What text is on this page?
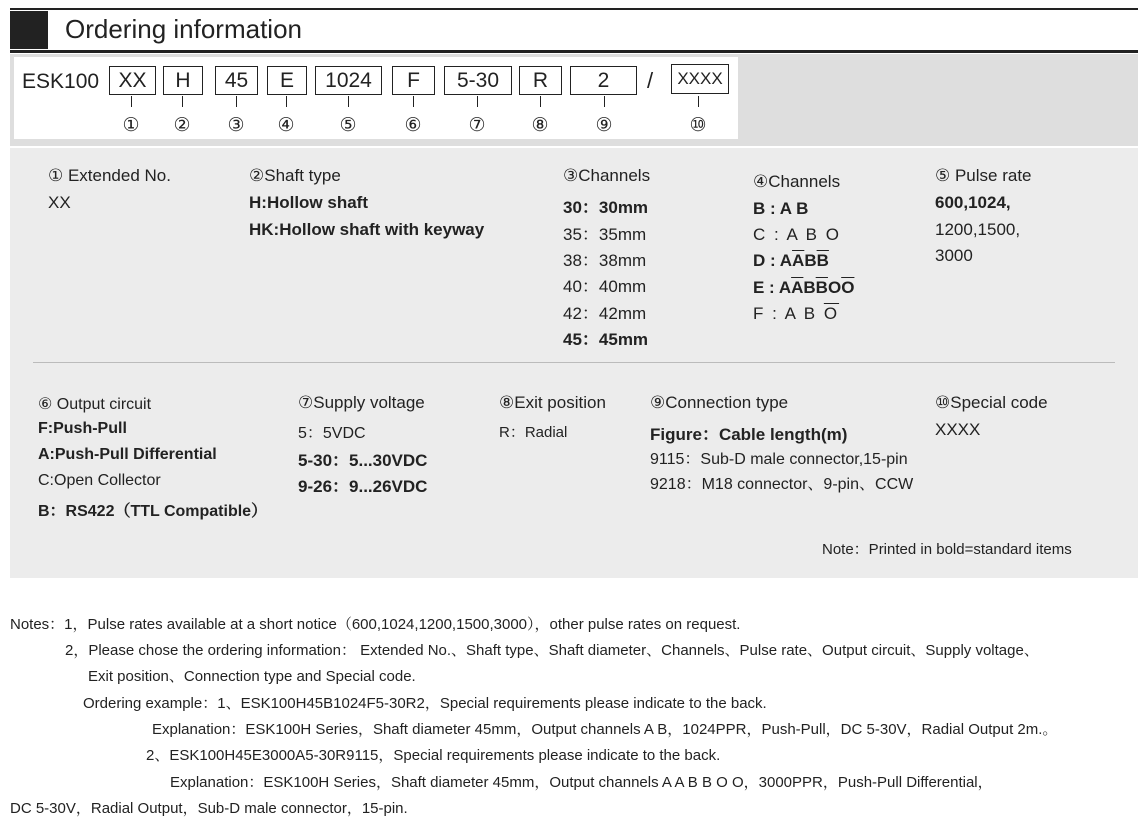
Ordering information
ESK100 XX	H	45	E	1024	F	5-30	R	2	/	XXXX
①	②	③	④	⑤	⑥	⑦	⑧	⑨	⑩
① Extended No.
XX
②Shaft type
H:Hollow shaft
HK:Hollow shaft with keyway
③Channels
30：30mm
35：35mm
38：38mm
40：40mm
42：42mm
45：45mm
④Channels
B : A B
C : A B O
D : $A\overline{A}B\overline{B}$
E : $A\overline{A}B\overline{B}O\overline{O}$
F : A B $\overline{O}$
⑤ Pulse rate
600,1024,
1200,1500,
3000
⑥ Output circuit
F:Push-Pull
A:Push-Pull Differential
C:Open Collector
B：RS422（TTL Compatible）
⑦Supply voltage
5：5VDC
5-30：5...30VDC
9-26：9...26VDC
⑧Exit position
R：Radial
⑨Connection type
Figure：Cable length(m)
9115：Sub-D male connector,15-pin
9218：M18 connector、9-pin、CCW
⑩Special code
XXXX
Note：Printed in bold=standard items
Notes：1，Pulse rates available at a short notice（600,1024,1200,1500,3000），other pulse rates on request.
2，Please chose the ordering information： Extended No.、Shaft type、Shaft diameter、Channels、Pulse rate、Output circuit、Supply voltage、
Exit position、Connection type and Special code.
Ordering example：1、ESK100H45B1024F5-30R2，Special requirements please indicate to the back.
Explanation：ESK100H Series，Shaft diameter 45mm，Output channels A B，1024PPR，Push-Pull，DC 5-30V，Radial Output 2m.。
2、ESK100H45E3000A5-30R9115，Special requirements please indicate to the back.
Explanation：ESK100H Series，Shaft diameter 45mm，Output channels A A B B O O，3000PPR，Push-Pull Differential，
DC 5-30V，Radial Output，Sub-D male connector，15-pin.
